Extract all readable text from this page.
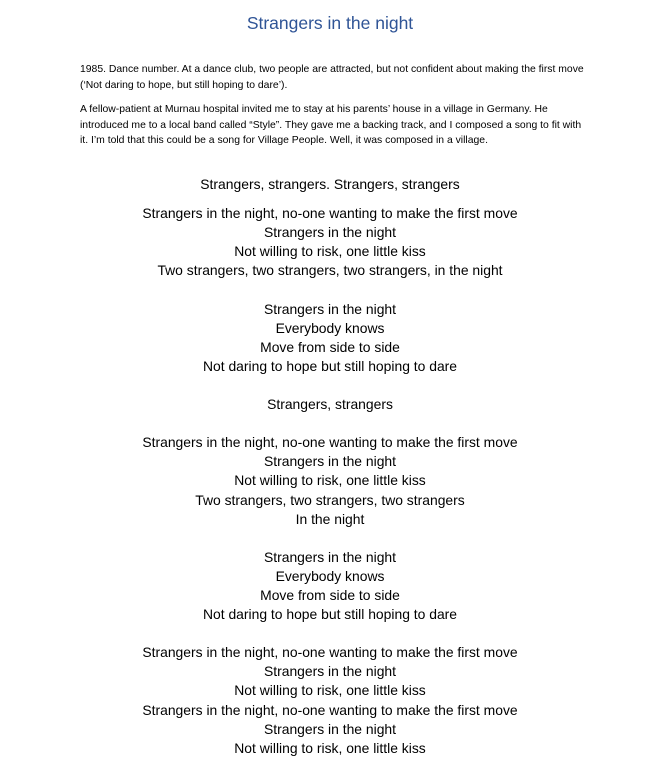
Strangers in the night

1985. Dance number. At a dance club, two people are attracted, but not confident about making the first move (‘Not daring to hope, but still hoping to dare’).

A fellow-patient at Murnau hospital invited me to stay at his parents’ house in a village in Germany. He introduced me to a local band called “Style”. They gave me a backing track, and I composed a song to fit with it. I’m told that this could be a song for Village People. Well, it was composed in a village.

Strangers, strangers. Strangers, strangers
Strangers in the night, no-one wanting to make the first move
Strangers in the night
Not willing to risk, one little kiss
Two strangers, two strangers, two strangers, in the night
Strangers in the night
Everybody knows
Move from side to side
Not daring to hope but still hoping to dare
Strangers, strangers
Strangers in the night, no-one wanting to make the first move
Strangers in the night
Not willing to risk, one little kiss
Two strangers, two strangers, two strangers
In the night
Strangers in the night
Everybody knows
Move from side to side
Not daring to hope but still hoping to dare
Strangers in the night, no-one wanting to make the first move
Strangers in the night
Not willing to risk, one little kiss
Strangers in the night, no-one wanting to make the first move
Strangers in the night
Not willing to risk, one little kiss
